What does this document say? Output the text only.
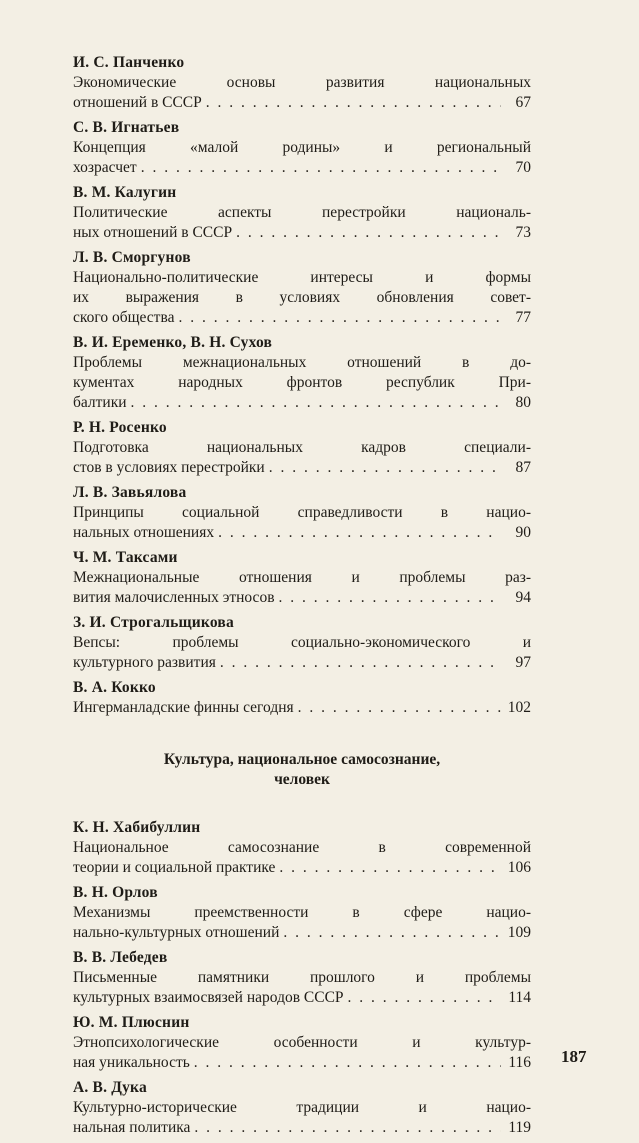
И. С. Панченко
Экономические основы развития национальных
отношений в СССР . . .	67
С. В. Игнатьев
Концепция «малой родины» и региональный
хозрасчет . . .	70
В. М. Калугин
Политические аспекты перестройки националь-
ных отношений в СССР . . .	73
Л. В. Сморгунов
Национально-политические интересы и формы
их выражения в условиях обновления совет-
ского общества . . .	77
В. И. Еременко, В. Н. Сухов
Проблемы межнациональных отношений в до-
кументах народных фронтов республик При-
балтики . . .	80
Р. Н. Росенко
Подготовка национальных кадров специали-
стов в условиях перестройки . . .	87
Л. В. Завьялова
Принципы социальной справедливости в нацио-
нальных отношениях . . .	90
Ч. М. Таксами
Межнациональные отношения и проблемы раз-
вития малочисленных этносов . . .	94
З. И. Строгальщикова
Вепсы: проблемы социально-экономического и
культурного развития . . .	97
В. А. Кокко
Ингерманладские финны сегодня . . .	102
Культура, национальное самосознание,
человек
К. Н. Хабибуллин
Национальное самосознание в современной
теории и социальной практике . . .	106
В. Н. Орлов
Механизмы преемственности в сфере нацио-
нально-культурных отношений . . .	109
В. В. Лебедев
Письменные памятники прошлого и проблемы
культурных взаимосвязей народов СССР . . .	114
Ю. М. Плюснин
Этнопсихологические особенности и культур-
ная уникальность . . .	116
А. В. Дука
Культурно-исторические традиции и нацио-
нальная политика . . .	119
187
